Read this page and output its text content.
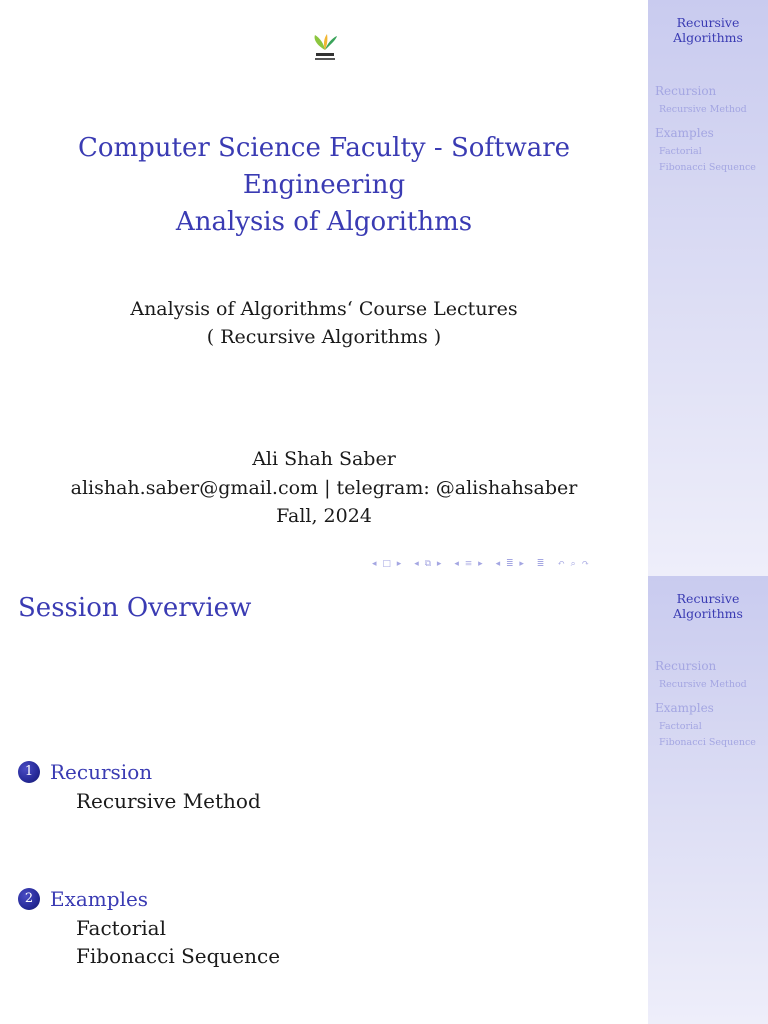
Computer Science Faculty - Software
Engineering
Analysis of Algorithms
Analysis of Algorithms‘ Course Lectures
( Recursive Algorithms )
Ali Shah Saber
alishah.saber@gmail.com | telegram: @alishahsaber
Fall, 2024
◂ □ ▸ ◂ ⧉ ▸ ◂ ≡ ▸ ◂ ≣ ▸ ≣ ↶ ⌕ ↷
Recursive
Algorithms
Recursion
Recursive Method
Examples
Factorial
Fibonacci Sequence
Recursive
Algorithms
Recursion
Recursive Method
Examples
Factorial
Fibonacci Sequence
Session Overview
1 Recursion
Recursive Method
2 Examples
Factorial
Fibonacci Sequence
